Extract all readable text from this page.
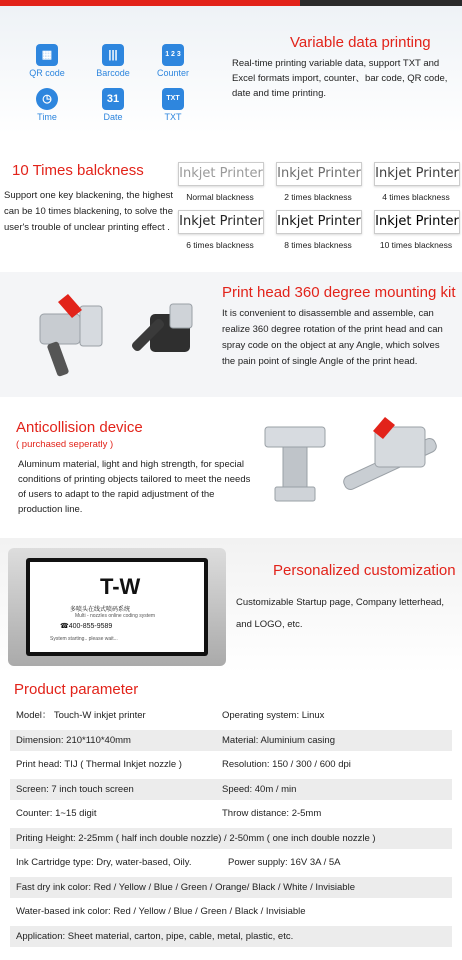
▦
QR code
|||
Barcode
1 2 3
Counter
◷
Time
31
Date
TXT
TXT
Variable data printing
Real-time printing variable data, support TXT and Excel formats import, counter、bar code, QR code, date and time printing.
10 Times balckness
Support one key blackening, the highest can be 10 times blackening, to solve the user's trouble of unclear printing effect .
Inkjet Printer
Normal blackness
Inkjet Printer
2 times blackness
Inkjet Printer
4 times blackness
Inkjet Printer
6 times blackness
Inkjet Printer
8 times blackness
Inkjet Printer
10 times blackness
Print head 360 degree mounting kit
It is convenient to disassemble and assemble, can realize 360 degree rotation of the print head and can spray code on the object at any Angle, which solves the pain point of single Angle of the print head.
Anticollision device
( purchased seperatly )
Aluminum material, light and high strength, for special conditions of printing objects tailored to meet the needs of users to adapt to the rapid adjustment of the production line.
T-W
多喷头在线式喷码系统
Multi - nozzles online coding system
☎400-855-9589
System starting.. please wait...
Personalized customization
Customizable Startup page, Company letterhead, and LOGO, etc.
Product parameter
Model： Touch-W inkjet printer	Operating system: Linux
Dimension: 210*110*40mm	Material: Aluminium casing
Print head: TIJ ( Thermal Inkjet nozzle )	Resolution: 150 / 300 / 600 dpi
Screen: 7 inch touch screen	Speed: 40m / min
Counter: 1~15 digit	Throw distance: 2-5mm
Priting Height: 2-25mm ( half inch double nozzle) / 2-50mm ( one inch double nozzle )
Ink Cartridge type: Dry, water-based, Oily.	Power supply: 16V 3A / 5A
Fast dry ink color: Red / Yellow / Blue / Green / Orange/ Black / White / Invisiable
Water-based ink color: Red / Yellow / Blue / Green / Black / Invisiable
Application: Sheet material, carton, pipe, cable, metal, plastic, etc.
